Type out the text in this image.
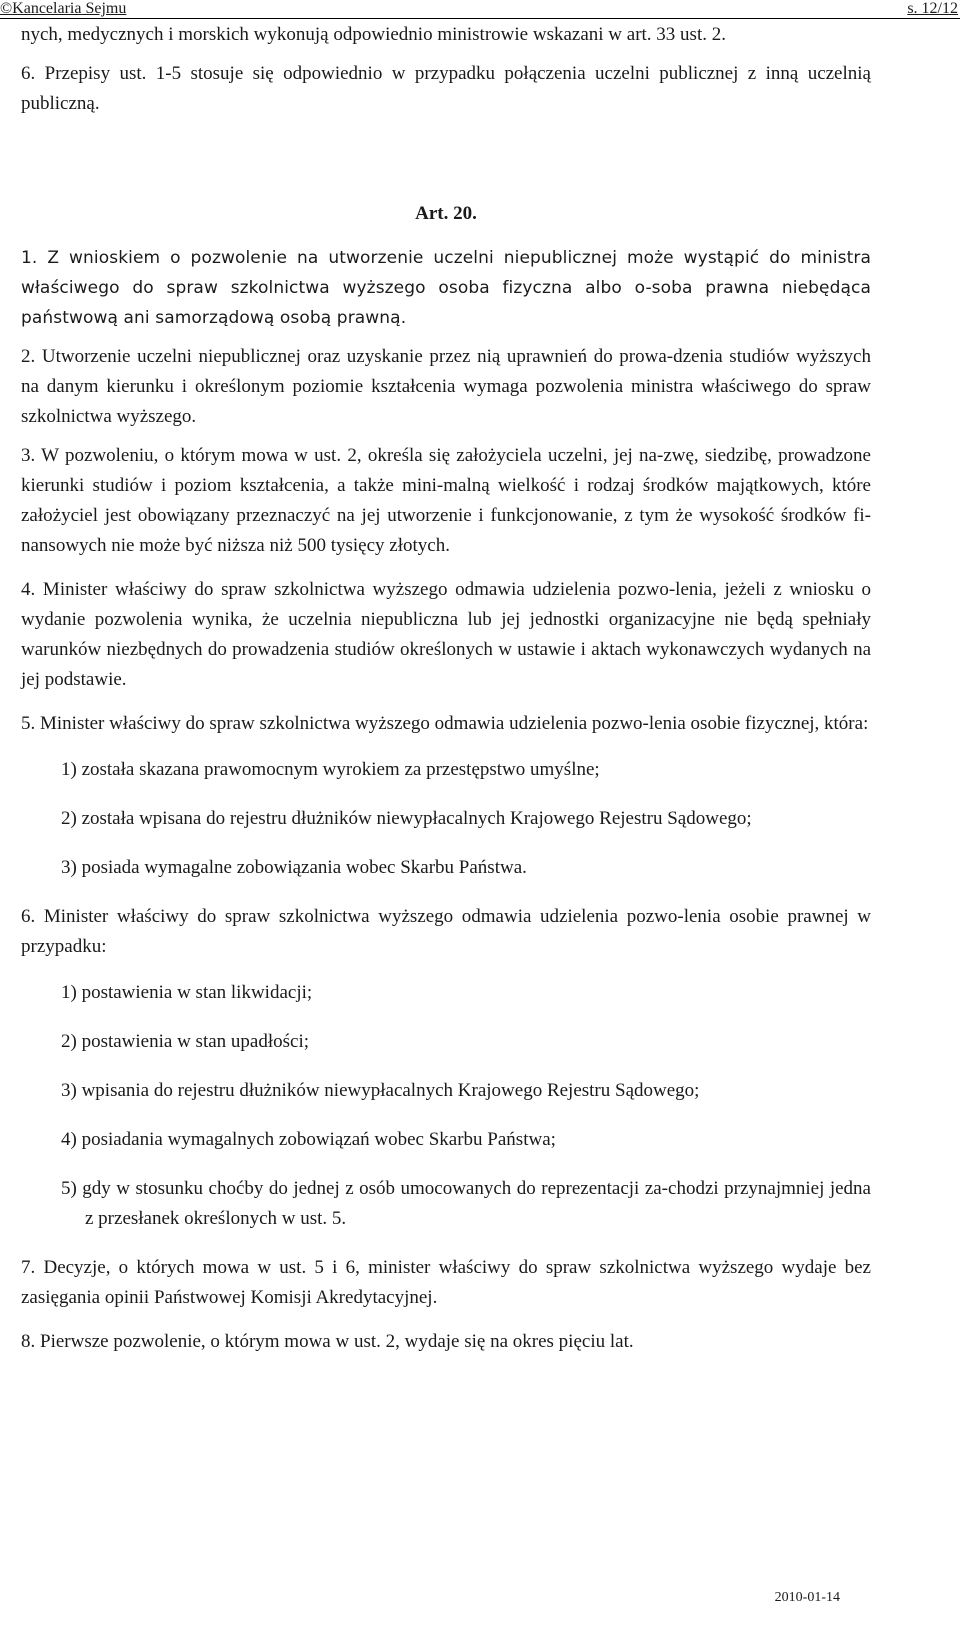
©Kancelaria Sejmu	s. 12/12

nych, medycznych i morskich wykonują odpowiednio ministrowie wskazani w art. 33 ust. 2.

6. Przepisy ust. 1-5 stosuje się odpowiednio w przypadku połączenia uczelni publicznej z inną uczelnią publiczną.

Art. 20.

1. Z wnioskiem o pozwolenie na utworzenie uczelni niepublicznej może wystąpić do ministra właściwego do spraw szkolnictwa wyższego osoba fizyczna albo o-soba prawna niebędąca państwową ani samorządową osobą prawną.

2. Utworzenie uczelni niepublicznej oraz uzyskanie przez nią uprawnień do prowa-dzenia studiów wyższych na danym kierunku i określonym poziomie kształcenia wymaga pozwolenia ministra właściwego do spraw szkolnictwa wyższego.

3. W pozwoleniu, o którym mowa w ust. 2, określa się założyciela uczelni, jej na-zwę, siedzibę, prowadzone kierunki studiów i poziom kształcenia, a także mini-malną wielkość i rodzaj środków majątkowych, które założyciel jest obowiązany przeznaczyć na jej utworzenie i funkcjonowanie, z tym że wysokość środków fi-nansowych nie może być niższa niż 500 tysięcy złotych.

4. Minister właściwy do spraw szkolnictwa wyższego odmawia udzielenia pozwo-lenia, jeżeli z wniosku o wydanie pozwolenia wynika, że uczelnia niepubliczna lub jej jednostki organizacyjne nie będą spełniały warunków niezbędnych do prowadzenia studiów określonych w ustawie i aktach wykonawczych wydanych na jej podstawie.

5. Minister właściwy do spraw szkolnictwa wyższego odmawia udzielenia pozwo-lenia osobie fizycznej, która:

1) została skazana prawomocnym wyrokiem za przestępstwo umyślne;

2) została wpisana do rejestru dłużników niewypłacalnych Krajowego Rejestru Sądowego;

3) posiada wymagalne zobowiązania wobec Skarbu Państwa.

6. Minister właściwy do spraw szkolnictwa wyższego odmawia udzielenia pozwo-lenia osobie prawnej w przypadku:

1) postawienia w stan likwidacji;

2) postawienia w stan upadłości;

3) wpisania do rejestru dłużników niewypłacalnych Krajowego Rejestru Sądowego;

4) posiadania wymagalnych zobowiązań wobec Skarbu Państwa;

5) gdy w stosunku choćby do jednej z osób umocowanych do reprezentacji za-chodzi przynajmniej jedna z przesłanek określonych w ust. 5.

7. Decyzje, o których mowa w ust. 5 i 6, minister właściwy do spraw szkolnictwa wyższego wydaje bez zasięgania opinii Państwowej Komisji Akredytacyjnej.

8. Pierwsze pozwolenie, o którym mowa w ust. 2, wydaje się na okres pięciu lat.

2010-01-14
